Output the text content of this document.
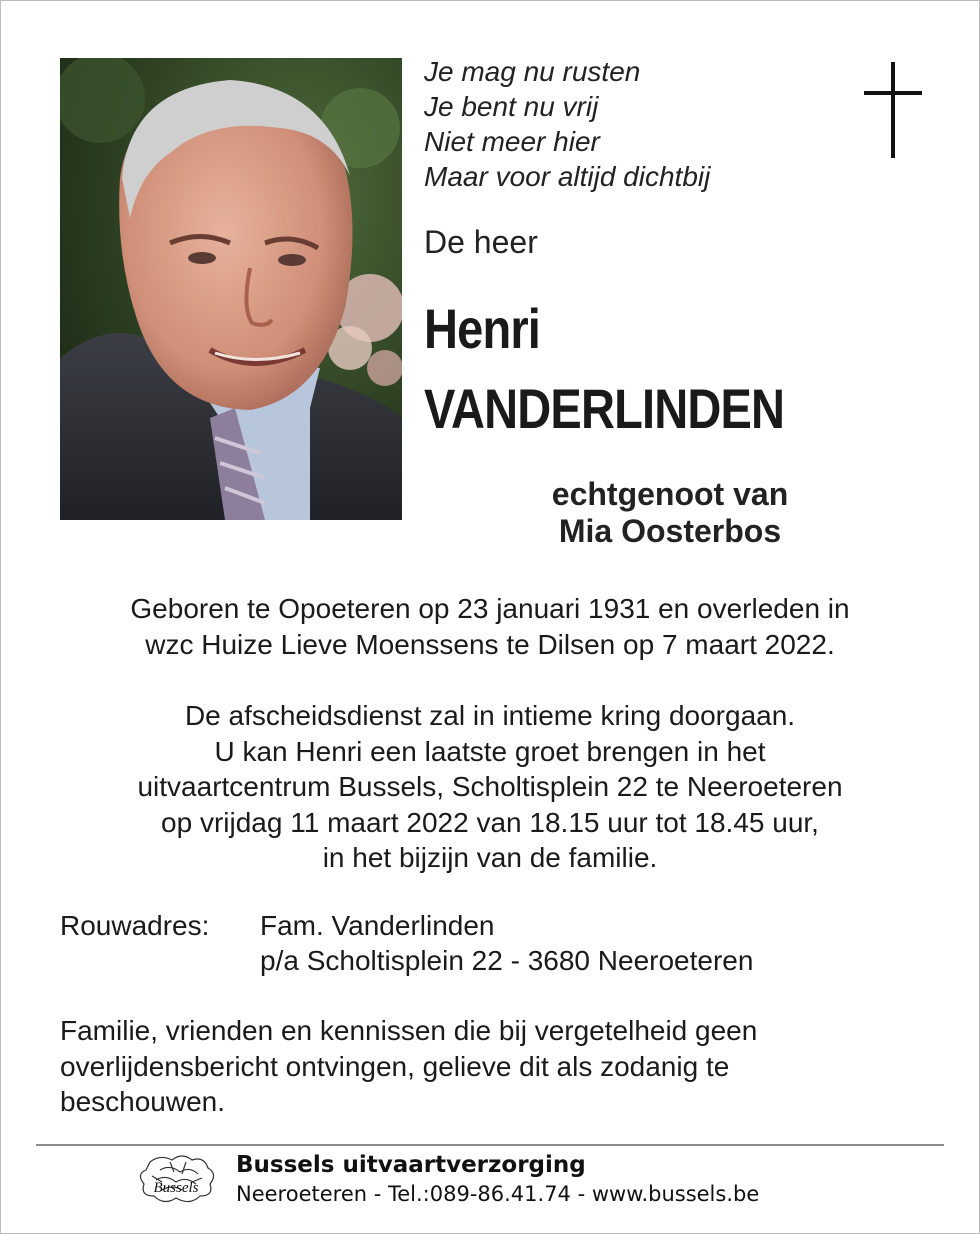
Je mag nu rusten
Je bent nu vrij
Niet meer hier
Maar voor altijd dichtbij
De heer
Henri
VANDERLINDEN
echtgenoot van
Mia Oosterbos
Geboren te Opoeteren op 23 januari 1931 en overleden in
wzc Huize Lieve Moenssens te Dilsen op 7 maart 2022.
De afscheidsdienst zal in intieme kring doorgaan.
U kan Henri een laatste groet brengen in het
uitvaartcentrum Bussels, Scholtisplein 22 te Neeroeteren
op vrijdag 11 maart 2022 van 18.15 uur tot 18.45 uur,
in het bijzijn van de familie.
Rouwadres: Fam. Vanderlinden
p/a Scholtisplein 22 - 3680 Neeroeteren
Familie, vrienden en kennissen die bij vergetelheid geen overlijdensbericht ontvingen, gelieve dit als zodanig te beschouwen.
Bussels
Bussels uitvaartverzorging
Neeroeteren - Tel.:089-86.41.74 - www.bussels.be
